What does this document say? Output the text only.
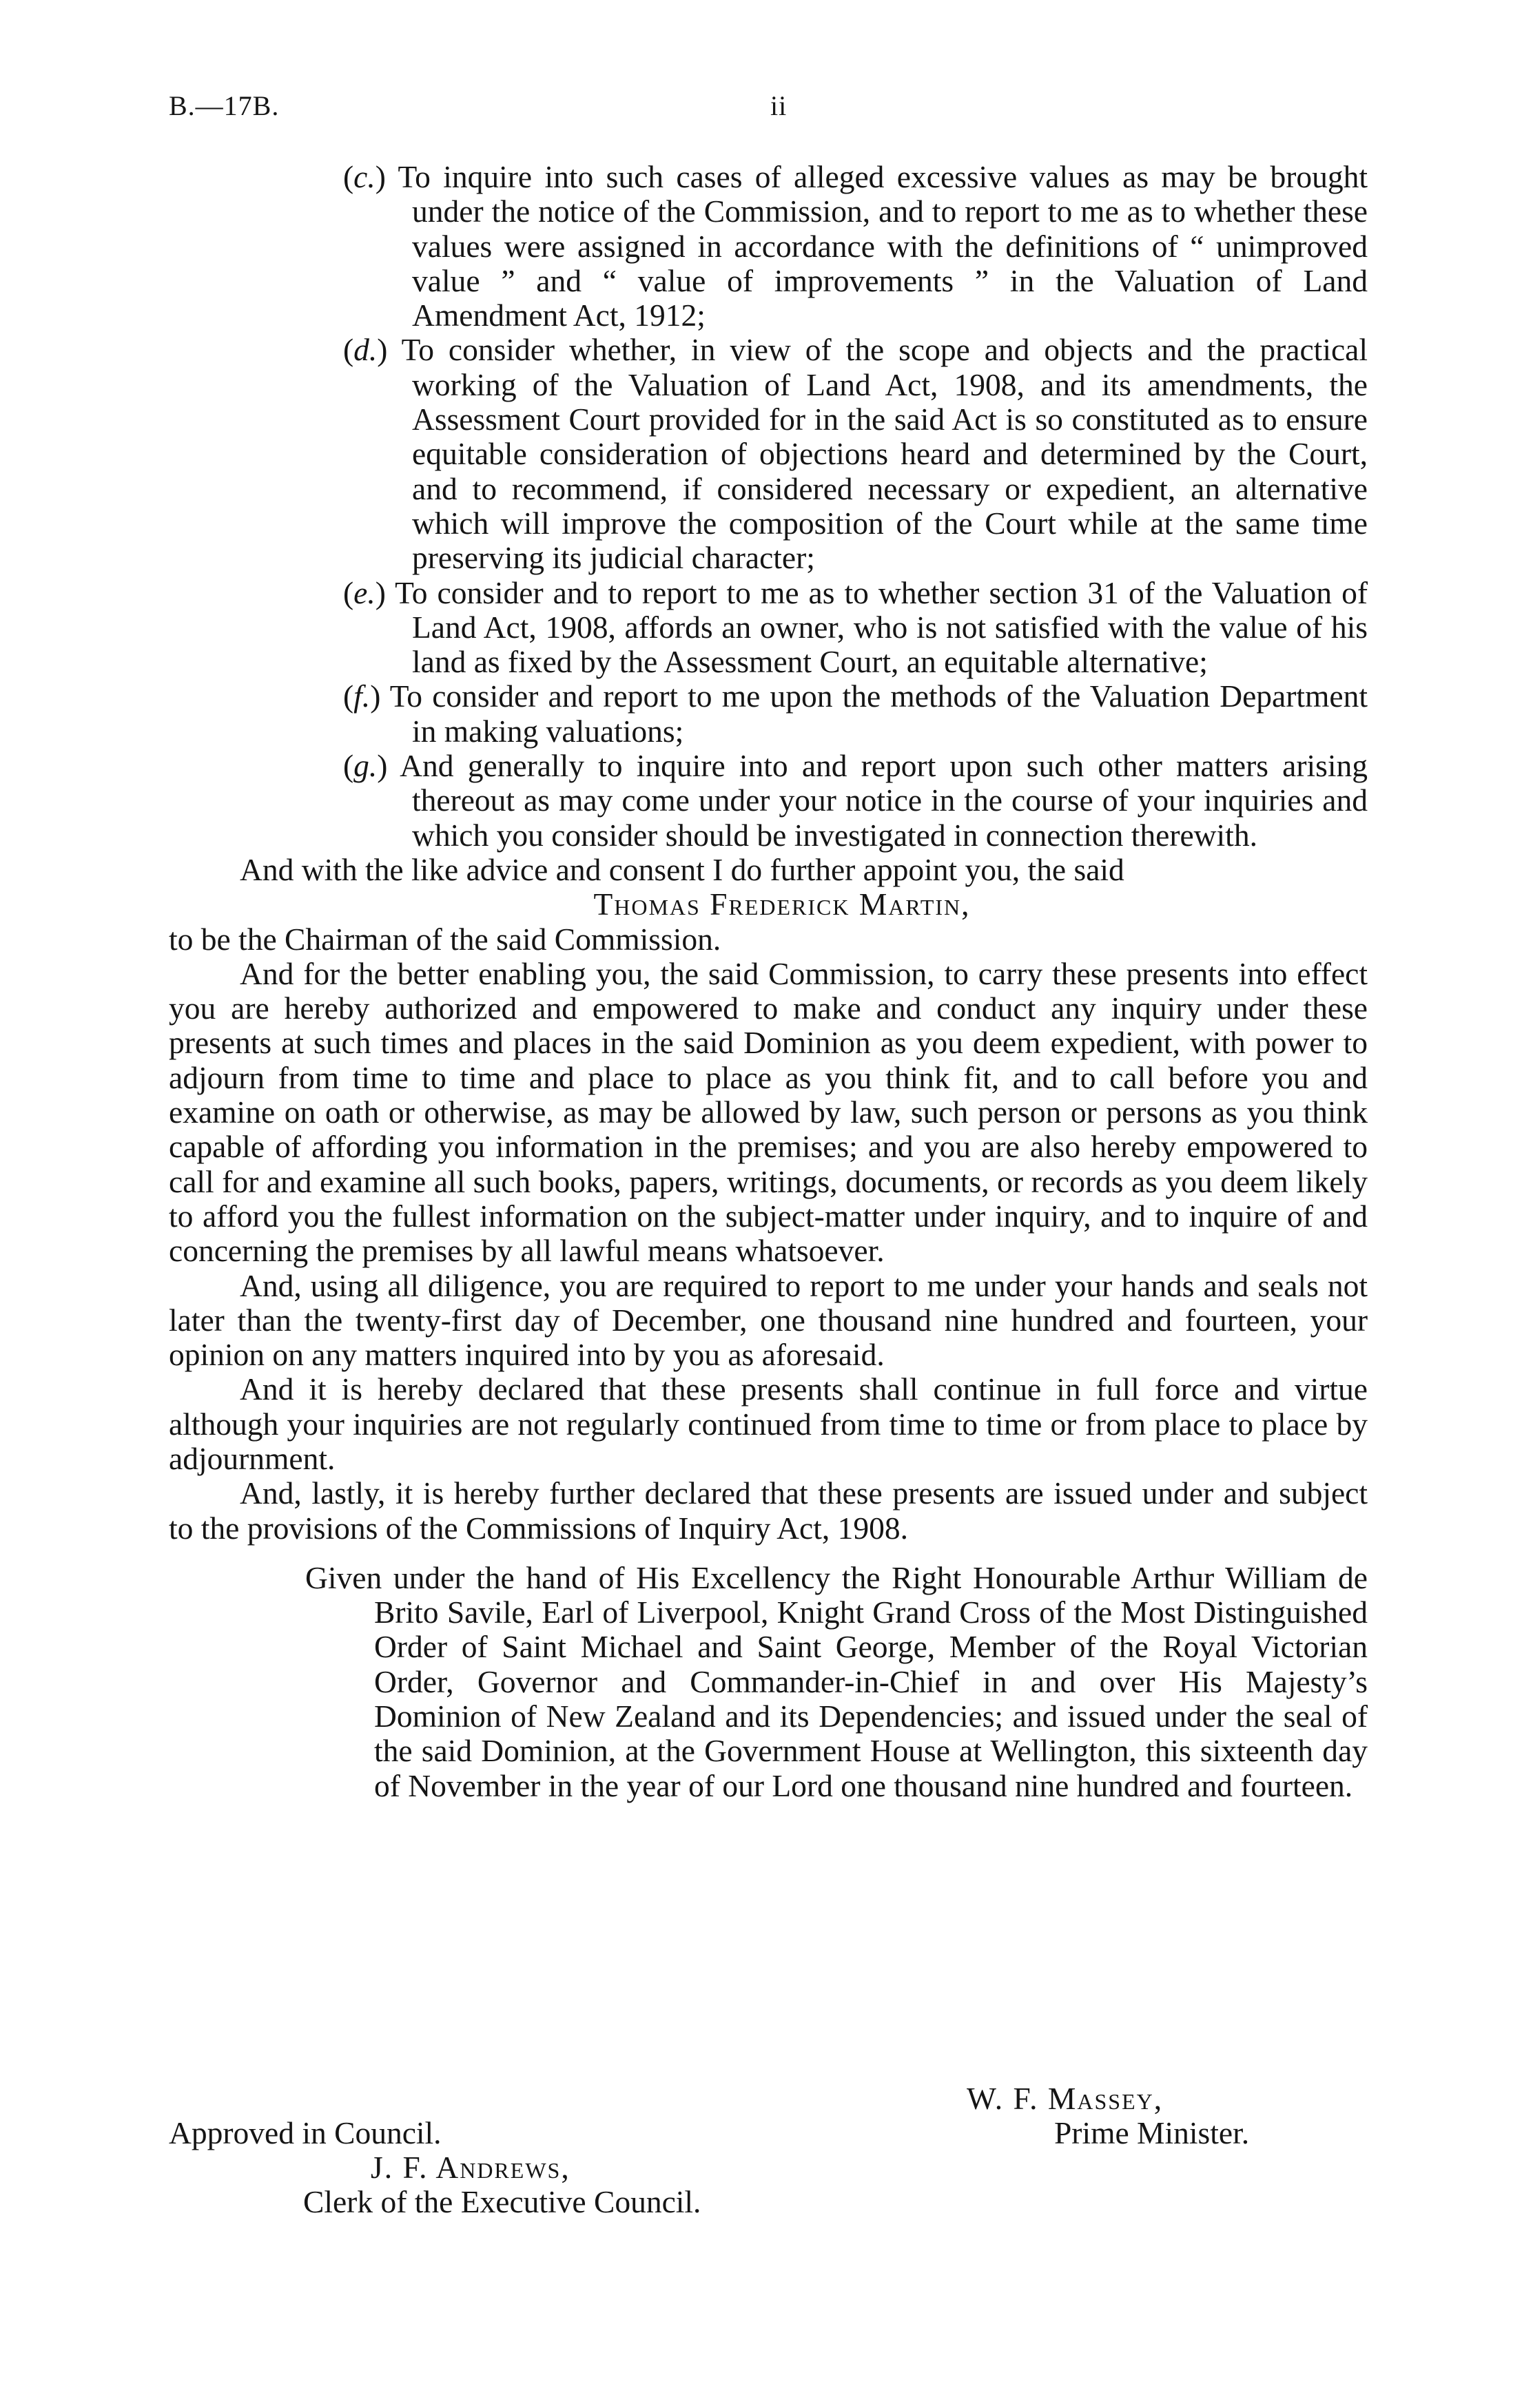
B.—17B.	ii

(c.) To inquire into such cases of alleged excessive values as may be brought under the notice of the Commission, and to report to me as to whether these values were assigned in accordance with the definitions of “ unimproved value ” and “ value of improvements ” in the Valuation of Land Amendment Act, 1912;

(d.) To consider whether, in view of the scope and objects and the practical working of the Valuation of Land Act, 1908, and its amendments, the Assessment Court provided for in the said Act is so constituted as to ensure equitable consideration of objections heard and determined by the Court, and to recommend, if considered necessary or expedient, an alternative which will improve the composition of the Court while at the same time preserving its judicial character;

(e.) To consider and to report to me as to whether section 31 of the Valuation of Land Act, 1908, affords an owner, who is not satisfied with the value of his land as fixed by the Assessment Court, an equitable alternative;

(f.) To consider and report to me upon the methods of the Valuation Department in making valuations;

(g.) And generally to inquire into and report upon such other matters arising thereout as may come under your notice in the course of your inquiries and which you consider should be investigated in connection therewith.

And with the like advice and consent I do further appoint you, the said

Thomas Frederick Martin,

to be the Chairman of the said Commission.

And for the better enabling you, the said Commission, to carry these presents into effect you are hereby authorized and empowered to make and conduct any inquiry under these presents at such times and places in the said Dominion as you deem expedient, with power to adjourn from time to time and place to place as you think fit, and to call before you and examine on oath or otherwise, as may be allowed by law, such person or persons as you think capable of affording you information in the premises; and you are also hereby empowered to call for and examine all such books, papers, writings, documents, or records as you deem likely to afford you the fullest information on the subject-matter under inquiry, and to inquire of and concerning the premises by all lawful means whatsoever.

And, using all diligence, you are required to report to me under your hands and seals not later than the twenty-first day of December, one thousand nine hundred and fourteen, your opinion on any matters inquired into by you as aforesaid.

And it is hereby declared that these presents shall continue in full force and virtue although your inquiries are not regularly continued from time to time or from place to place by adjournment.

And, lastly, it is hereby further declared that these presents are issued under and subject to the provisions of the Commissions of Inquiry Act, 1908.

Given under the hand of His Excellency the Right Honourable Arthur William de Brito Savile, Earl of Liverpool, Knight Grand Cross of the Most Distinguished Order of Saint Michael and Saint George, Member of the Royal Victorian Order, Governor and Commander-in-Chief in and over His Majesty’s Dominion of New Zealand and its Dependencies; and issued under the seal of the said Dominion, at the Government House at Wellington, this sixteenth day of November in the year of our Lord one thousand nine hundred and fourteen.

W. F. Massey,
Prime Minister.
Approved in Council.
J. F. Andrews,
Clerk of the Executive Council.
